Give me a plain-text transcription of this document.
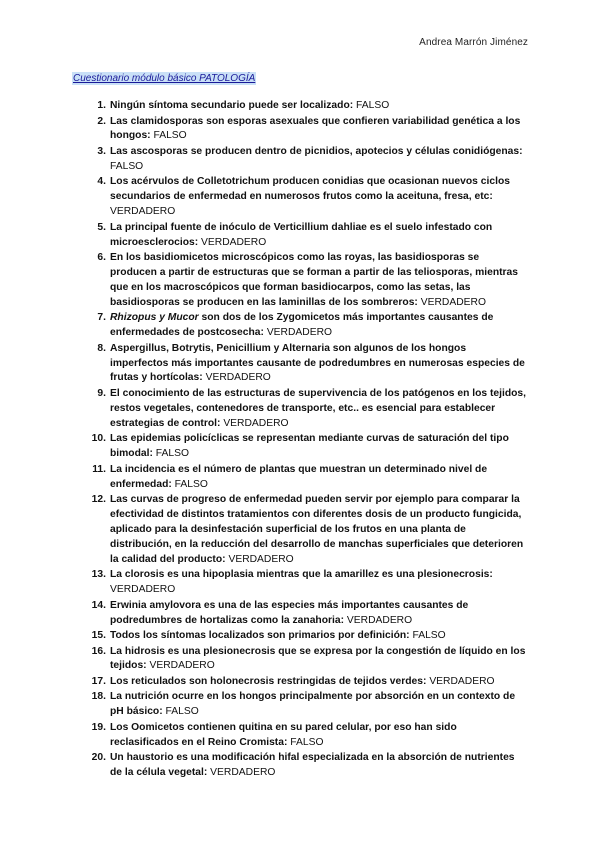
Andrea Marrón Jiménez
Cuestionario módulo básico PATOLOGÍA
1. Ningún síntoma secundario puede ser localizado: FALSO
2. Las clamidosporas son esporas asexuales que confieren variabilidad genética a los hongos: FALSO
3. Las ascosporas se producen dentro de picnidios, apotecios y células conidiógenas: FALSO
4. Los acérvulos de Colletotrichum producen conidias que ocasionan nuevos ciclos secundarios de enfermedad en numerosos frutos como la aceituna, fresa, etc: VERDADERO
5. La principal fuente de inóculo de Verticillium dahliae es el suelo infestado con microesclerocios: VERDADERO
6. En los basidiomicetos microscópicos como las royas, las basidiosporas se producen a partir de estructuras que se forman a partir de las teliosporas, mientras que en los macroscópicos que forman basidiocarpos, como las setas, las basidiosporas se producen en las laminillas de los sombreros: VERDADERO
7. Rhizopus y Mucor son dos de los Zygomicetos más importantes causantes de enfermedades de postcosecha: VERDADERO
8. Aspergillus, Botrytis, Penicillium y Alternaria son algunos de los hongos imperfectos más importantes causante de podredumbres en numerosas especies de frutas y hortícolas: VERDADERO
9. El conocimiento de las estructuras de supervivencia de los patógenos en los tejidos, restos vegetales, contenedores de transporte, etc.. es esencial para establecer estrategias de control: VERDADERO
10. Las epidemias policíclicas se representan mediante curvas de saturación del tipo bimodal: FALSO
11. La incidencia es el número de plantas que muestran un determinado nivel de enfermedad: FALSO
12. Las curvas de progreso de enfermedad pueden servir por ejemplo para comparar la efectividad de distintos tratamientos con diferentes dosis de un producto fungicida, aplicado para la desinfestación superficial de los frutos en una planta de distribución, en la reducción del desarrollo de manchas superficiales que deterioren la calidad del producto: VERDADERO
13. La clorosis es una hipoplasia mientras que la amarillez es una plesionecrosis: VERDADERO
14. Erwinia amylovora es una de las especies más importantes causantes de podredumbres de hortalizas como la zanahoria: VERDADERO
15. Todos los síntomas localizados son primarios por definición: FALSO
16. La hidrosis es una plesionecrosis que se expresa por la congestión de líquido en los tejidos: VERDADERO
17. Los reticulados son holonecrosis restringidas de tejidos verdes: VERDADERO
18. La nutrición ocurre en los hongos principalmente por absorción en un contexto de pH básico: FALSO
19. Los Oomicetos contienen quitina en su pared celular, por eso han sido reclasificados en el Reino Cromista: FALSO
20. Un haustorio es una modificación hifal especializada en la absorción de nutrientes de la célula vegetal: VERDADERO
